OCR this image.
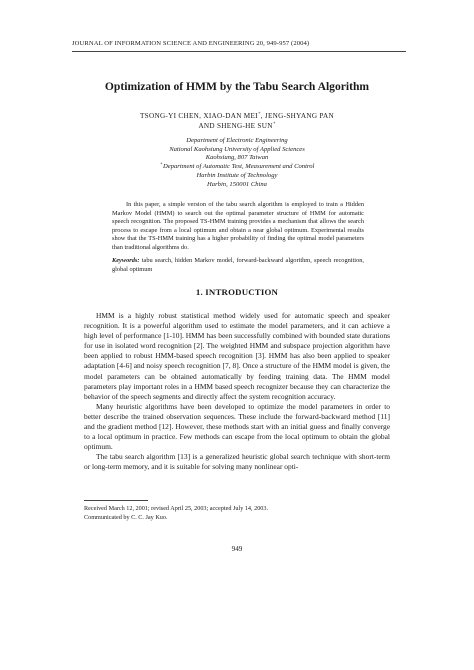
JOURNAL OF INFORMATION SCIENCE AND ENGINEERING 20, 949-957 (2004)
Optimization of HMM by the Tabu Search Algorithm
TSONG-YI CHEN, XIAO-DAN MEI+, JENG-SHYANG PAN
AND SHENG-HE SUN+
Department of Electronic Engineering
National Kaohsiung University of Applied Sciences
Kaohsiung, 807 Taiwan
+Department of Automatic Test, Measurement and Control
Harbin Institute of Technology
Harbin, 150001 China
In this paper, a simple version of the tabu search algorithm is employed to train a Hidden Markov Model (HMM) to search out the optimal parameter structure of HMM for automatic speech recognition. The proposed TS-HMM training provides a mechanism that allows the search process to escape from a local optimum and obtain a near global optimum. Experimental results show that the TS-HMM training has a higher probability of finding the optimal model parameters than traditional algorithms do.
Keywords: tabu search, hidden Markov model, forward-backward algorithm, speech recognition, global optimum
1. INTRODUCTION

HMM is a highly robust statistical method widely used for automatic speech and speaker recognition. It is a powerful algorithm used to estimate the model parameters, and it can achieve a high level of performance [1-10]. HMM has been successfully combined with bounded state durations for use in isolated word recognition [2]. The weighted HMM and subspace projection algorithm have been applied to robust HMM-based speech recognition [3]. HMM has also been applied to speaker adaptation [4-6] and noisy speech recognition [7, 8]. Once a structure of the HMM model is given, the model parameters can be obtained automatically by feeding training data. The HMM model parameters play important roles in a HMM based speech recognizer because they can characterize the behavior of the speech segments and directly affect the system recognition accuracy.

Many heuristic algorithms have been developed to optimize the model parameters in order to better describe the trained observation sequences. These include the forward-backward method [11] and the gradient method [12]. However, these methods start with an initial guess and finally converge to a local optimum in practice. Few methods can escape from the local optimum to obtain the global optimum.

The tabu search algorithm [13] is a generalized heuristic global search technique with short-term or long-term memory, and it is suitable for solving many nonlinear opti-

Received March 12, 2001; revised April 25, 2003; accepted July 14, 2003.
Communicated by C. C. Jay Kuo.
949
